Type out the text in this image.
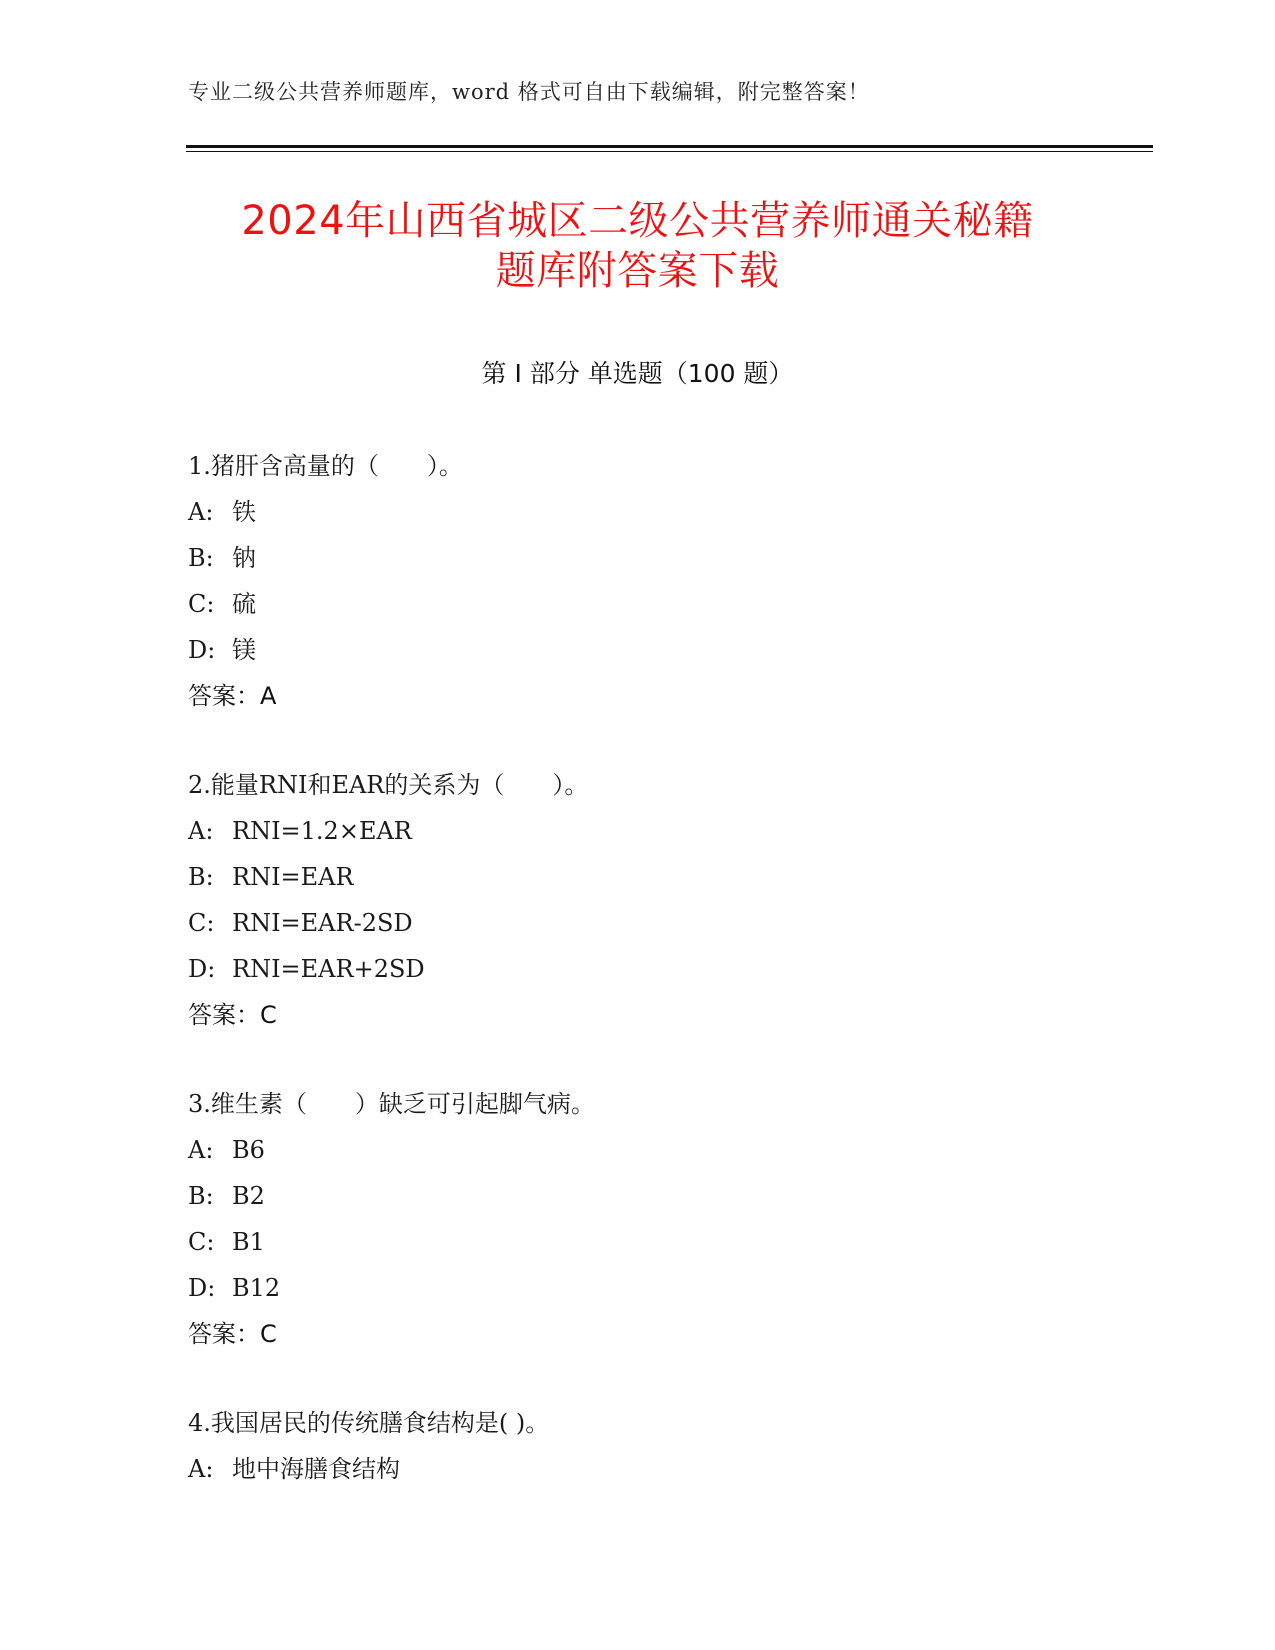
专业二级公共营养师题库，word 格式可自由下载编辑，附完整答案！
2024年山西省城区二级公共营养师通关秘籍
题库附答案下载
第 I 部分 单选题（100 题）
1.猪肝含高量的（　　）。
A: 铁
B: 钠
C: 硫
D: 镁
答案：A
2.能量RNI和EAR的关系为（　　）。
A: RNI=1.2×EAR
B: RNI=EAR
C: RNI=EAR-2SD
D: RNI=EAR+2SD
答案：C
3.维生素（　　）缺乏可引起脚气病。
A: B6
B: B2
C: B1
D: B12
答案：C
4.我国居民的传统膳食结构是( )。
A: 地中海膳食结构
